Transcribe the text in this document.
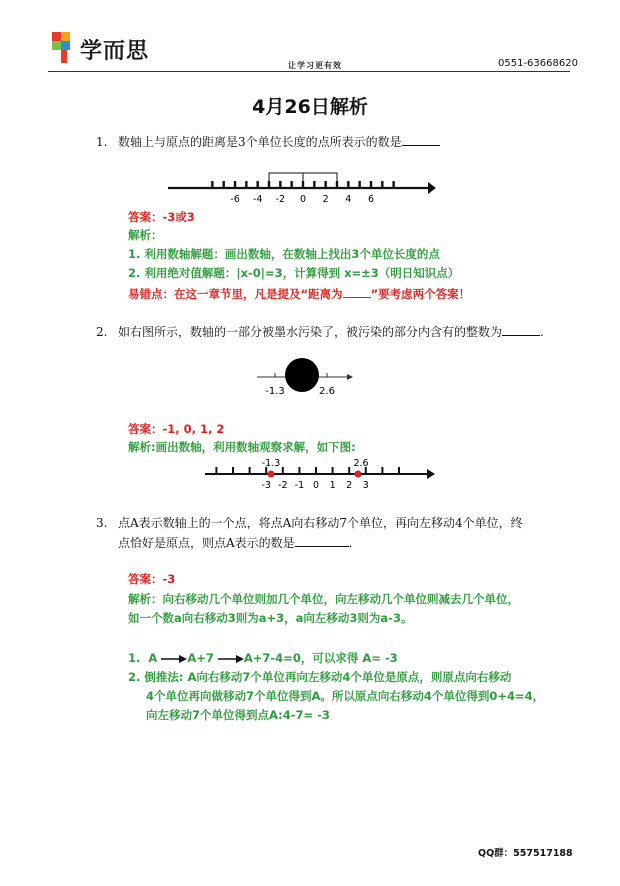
学而思
让学习更有效	0551-63668620
4月26日解析
1. 数轴上与原点的距离是3个单位长度的点所表示的数是
-6 -4 -2 0 2 4 6
答案：-3或3
解析：
1. 利用数轴解题：画出数轴，在数轴上找出3个单位长度的点
2. 利用绝对值解题：|x-0|=3，计算得到 x=±3（明日知识点）
易错点：在这一章节里，凡是提及“距离为 ”要考虑两个答案！
2. 如右图所示，数轴的一部分被墨水污染了，被污染的部分内含有的整数为	.
-1.3	2.6
答案：-1, 0, 1, 2
解析:画出数轴，利用数轴观察求解，如下图:
-1.3	2.6
-3 -2 -1 0 1 2 3
3. 点A表示数轴上的一个点，将点A向右移动7个单位，再向左移动4个单位，终
点恰好是原点，则点A表示的数是	.
答案：-3
解析：向右移动几个单位则加几个单位，向左移动几个单位则减去几个单位，
如一个数a向右移动3则为a+3，a向左移动3则为a-3。
1. A	A+7	A+7-4=0，可以求得 A= -3
2. 倒推法: A向右移动7个单位再向左移动4个单位是原点，则原点向右移动
4个单位再向做移动7个单位得到A。所以原点向右移动4个单位得到0+4=4，
向左移动7个单位得到点A:4-7= -3
QQ群：557517188
